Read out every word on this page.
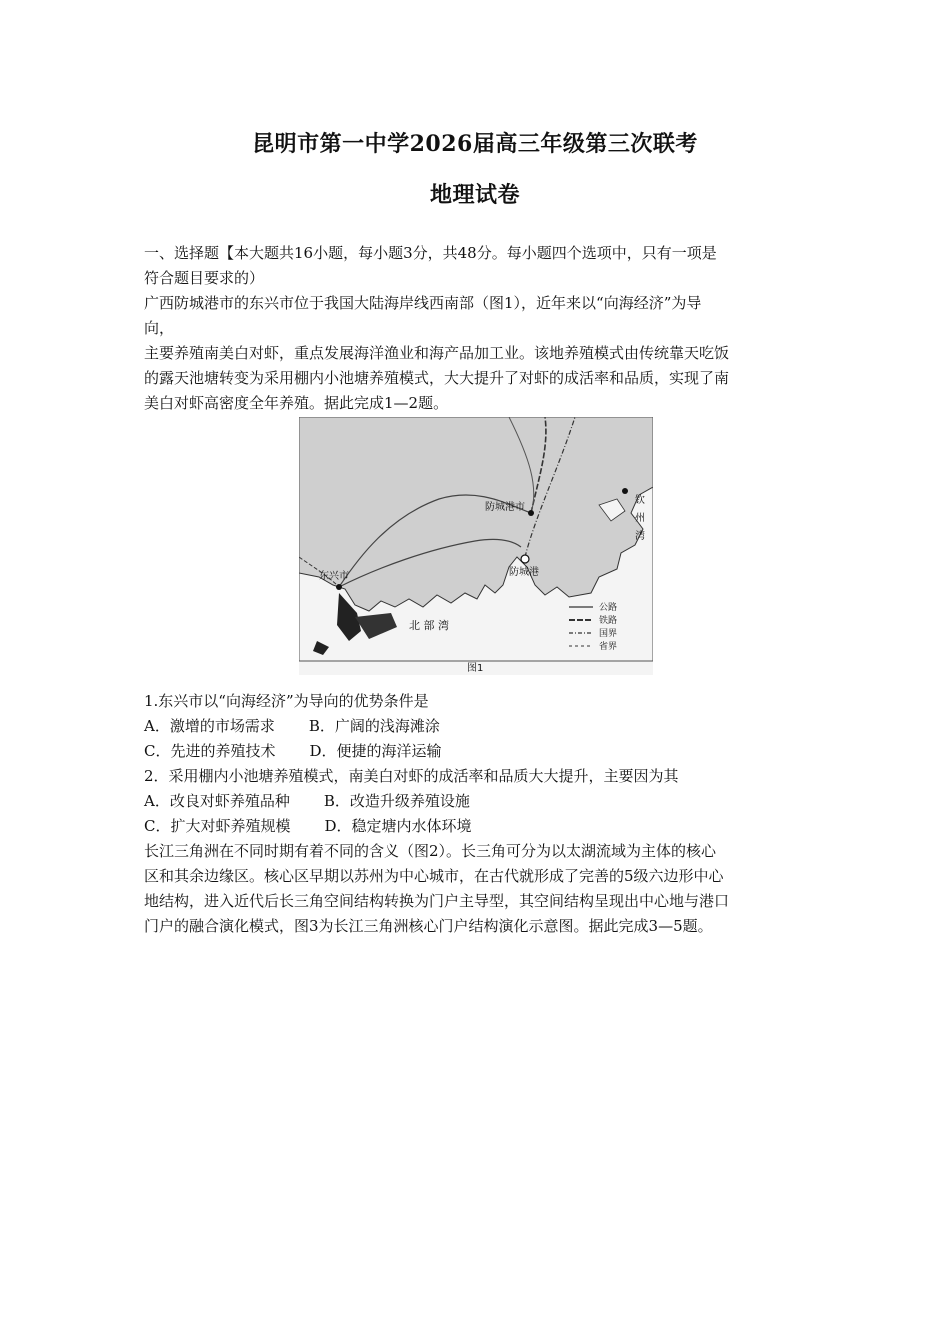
昆明市第一中学2026届高三年级第三次联考
地理试卷
一、选择题【本大题共16小题，每小题3分，共48分。每小题四个选项中，只有一项是
符合题目要求的）
广西防城港市的东兴市位于我国大陆海岸线西南部（图1），近年来以“向海经济”为导
向，
主要养殖南美白对虾，重点发展海洋渔业和海产品加工业。该地养殖模式由传统靠天吃饭
的露天池塘转变为采用棚内小池塘养殖模式，大大提升了对虾的成活率和品质，实现了南
美白对虾高密度全年养殖。据此完成1—2题。
防城港市
防城港
东兴市
北 部 湾
钦
州
湾
公路
铁路
国界
省界
图1
1.东兴市以“向海经济”为导向的优势条件是
A．激增的市场需求 B．广阔的浅海滩涂
C．先进的养殖技术 D．便捷的海洋运输
2．采用棚内小池塘养殖模式，南美白对虾的成活率和品质大大提升，主要因为其
A．改良对虾养殖品种 B．改造升级养殖设施
C．扩大对虾养殖规模 D．稳定塘内水体环境
长江三角洲在不同时期有着不同的含义（图2）。长三角可分为以太湖流域为主体的核心
区和其余边缘区。核心区早期以苏州为中心城市，在古代就形成了完善的5级六边形中心
地结构，进入近代后长三角空间结构转换为门户主导型，其空间结构呈现出中心地与港口
门户的融合演化模式，图3为长江三角洲核心门户结构演化示意图。据此完成3—5题。
